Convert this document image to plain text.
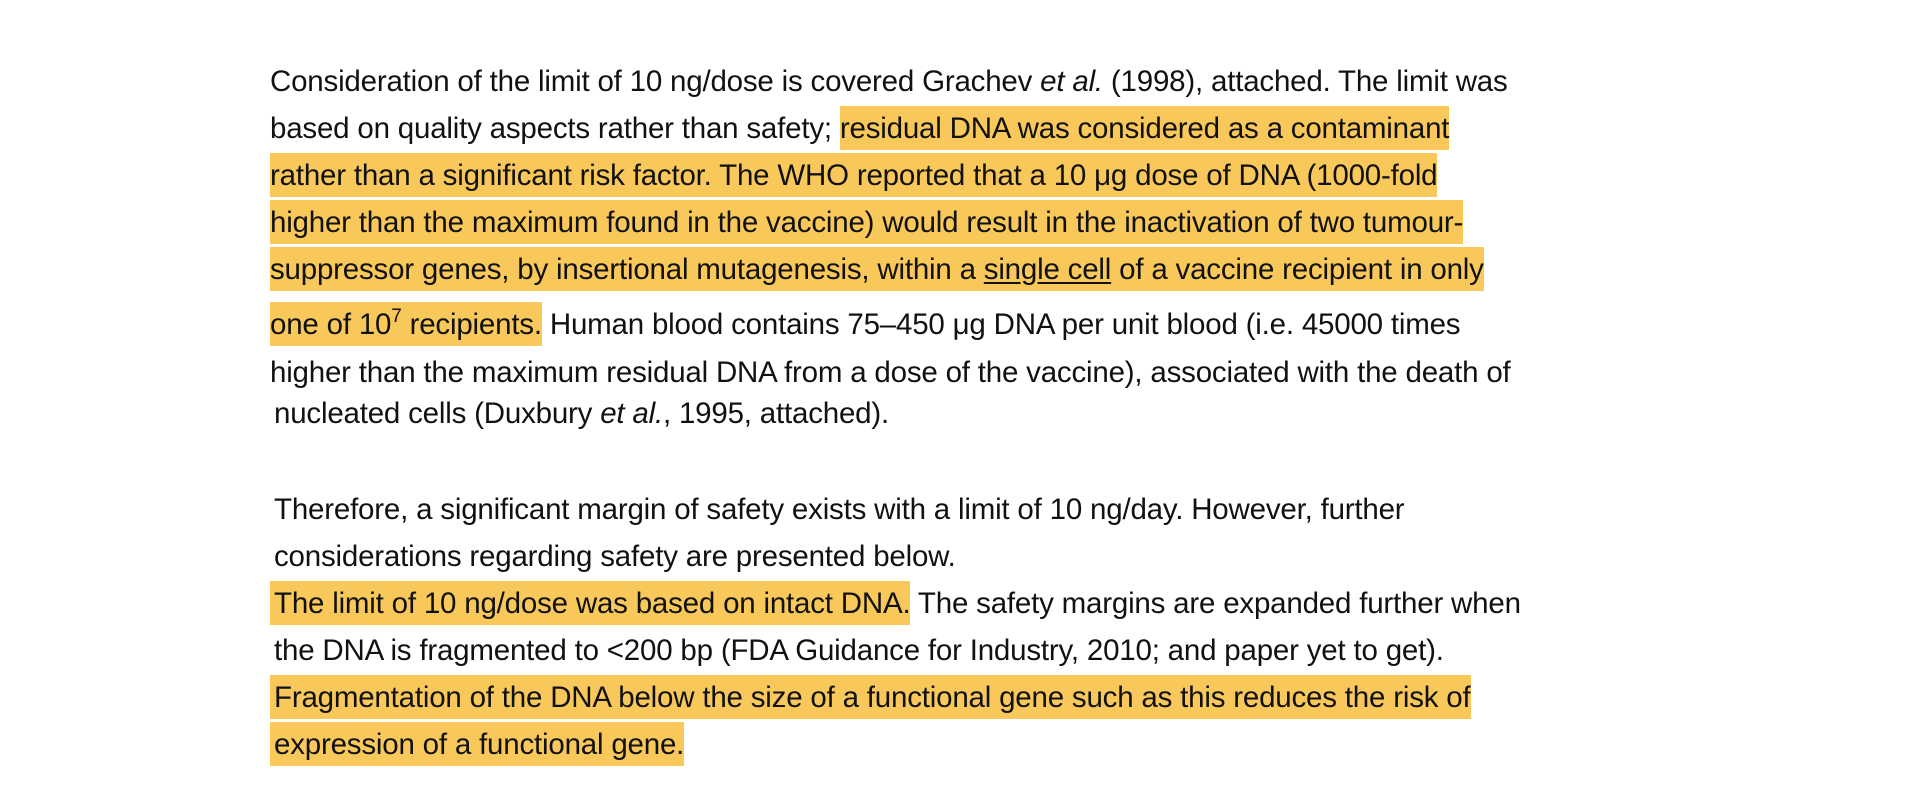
Consideration of the limit of 10 ng/dose is covered Grachev et al. (1998), attached. The limit was
based on quality aspects rather than safety; residual DNA was considered as a contaminant
rather than a significant risk factor. The WHO reported that a 10 μg dose of DNA (1000-fold
higher than the maximum found in the vaccine) would result in the inactivation of two tumour-
suppressor genes, by insertional mutagenesis, within a single cell of a vaccine recipient in only
one of $10^7$ recipients. Human blood contains 75–450 μg DNA per unit blood (i.e. 45000 times
higher than the maximum residual DNA from a dose of the vaccine), associated with the death of
nucleated cells (Duxbury et al., 1995, attached).
Therefore, a significant margin of safety exists with a limit of 10 ng/day. However, further
considerations regarding safety are presented below.
The limit of 10 ng/dose was based on intact DNA. The safety margins are expanded further when
the DNA is fragmented to <200 bp (FDA Guidance for Industry, 2010; and paper yet to get).
Fragmentation of the DNA below the size of a functional gene such as this reduces the risk of
expression of a functional gene.
